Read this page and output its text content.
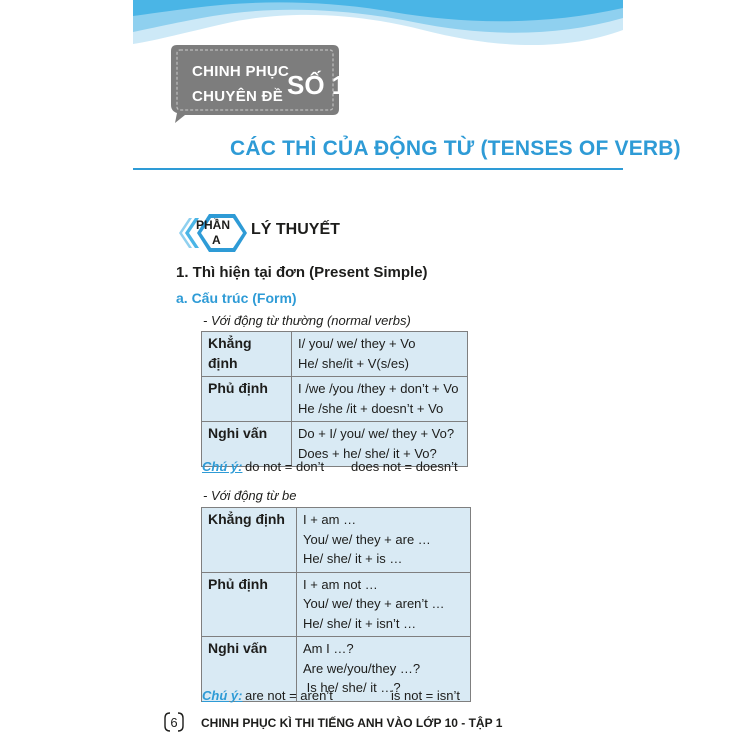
CHINH PHỤC
CHUYÊN ĐỀ SỐ 1
CÁC THÌ CỦA ĐỘNG TỪ (TENSES OF VERB)
PHẦN
A
LÝ THUYẾT
1. Thì hiện tại đơn (Present Simple)
a. Cấu trúc (Form)
- Với động từ thường (normal verbs)
Khẳng định	I/ you/ we/ they + Vo
He/ she/it + V(s/es)

Phủ định	I /we /you /they + don’t + Vo
He /she /it + doesn’t + Vo

Nghi vấn	Do + I/ you/ we/ they + Vo?
Does + he/ she/ it + Vo?
Chú ý: do not = don’t does not = doesn’t
- Với động từ be
Khẳng định	I + am …
You/ we/ they + are …
He/ she/ it + is …

Phủ định	I + am not …
You/ we/ they + aren’t …
He/ she/ it + isn’t …

Nghi vấn	Am I …?
Are we/you/they …?
Is he/ she/ it …?
Chú ý: are not = aren’t	is not = isn’t
6 CHINH PHỤC KÌ THI TIẾNG ANH VÀO LỚP 10 - TẬP 1
